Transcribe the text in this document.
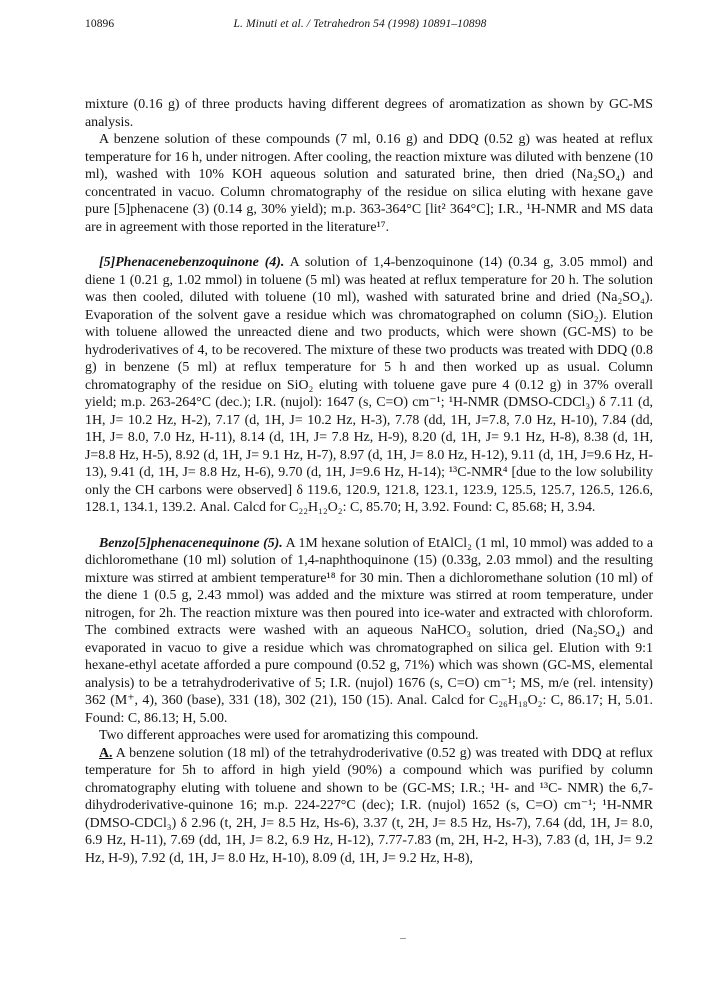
10896	L. Minuti et al. / Tetrahedron 54 (1998) 10891–10898

mixture (0.16 g) of three products having different degrees of aromatization as shown by GC-MS analysis.

A benzene solution of these compounds (7 ml, 0.16 g) and DDQ (0.52 g) was heated at reflux temperature for 16 h, under nitrogen. After cooling, the reaction mixture was diluted with benzene (10 ml), washed with 10% KOH aqueous solution and saturated brine, then dried (Na₂SO₄) and concentrated in vacuo. Column chromatography of the residue on silica eluting with hexane gave pure [5]phenacene (3) (0.14 g, 30% yield); m.p. 363-364°C [lit² 364°C]; I.R., ¹H-NMR and MS data are in agreement with those reported in the literature¹⁷.

[5]Phenacenebenzoquinone (4). A solution of 1,4-benzoquinone (14) (0.34 g, 3.05 mmol) and diene 1 (0.21 g, 1.02 mmol) in toluene (5 ml) was heated at reflux temperature for 20 h. The solution was then cooled, diluted with toluene (10 ml), washed with saturated brine and dried (Na₂SO₄). Evaporation of the solvent gave a residue which was chromatographed on column (SiO₂). Elution with toluene allowed the unreacted diene and two products, which were shown (GC-MS) to be hydroderivatives of 4, to be recovered. The mixture of these two products was treated with DDQ (0.8 g) in benzene (5 ml) at reflux temperature for 5 h and then worked up as usual. Column chromatography of the residue on SiO₂ eluting with toluene gave pure 4 (0.12 g) in 37% overall yield; m.p. 263-264°C (dec.); I.R. (nujol): 1647 (s, C=O) cm⁻¹; ¹H-NMR (DMSO-CDCl₃) δ 7.11 (d, 1H, J= 10.2 Hz, H-2), 7.17 (d, 1H, J= 10.2 Hz, H-3), 7.78 (dd, 1H, J=7.8, 7.0 Hz, H-10), 7.84 (dd, 1H, J= 8.0, 7.0 Hz, H-11), 8.14 (d, 1H, J= 7.8 Hz, H-9), 8.20 (d, 1H, J= 9.1 Hz, H-8), 8.38 (d, 1H, J=8.8 Hz, H-5), 8.92 (d, 1H, J= 9.1 Hz, H-7), 8.97 (d, 1H, J= 8.0 Hz, H-12), 9.11 (d, 1H, J=9.6 Hz, H-13), 9.41 (d, 1H, J= 8.8 Hz, H-6), 9.70 (d, 1H, J=9.6 Hz, H-14); ¹³C-NMR⁴ [due to the low solubility only the CH carbons were observed] δ 119.6, 120.9, 121.8, 123.1, 123.9, 125.5, 125.7, 126.5, 126.6, 128.1, 134.1, 139.2. Anal. Calcd for C₂₂H₁₂O₂: C, 85.70; H, 3.92. Found: C, 85.68; H, 3.94.

Benzo[5]phenacenequinone (5). A 1M hexane solution of EtAlCl₂ (1 ml, 10 mmol) was added to a dichloromethane (10 ml) solution of 1,4-naphthoquinone (15) (0.33g, 2.03 mmol) and the resulting mixture was stirred at ambient temperature¹⁸ for 30 min. Then a dichloromethane solution (10 ml) of the diene 1 (0.5 g, 2.43 mmol) was added and the mixture was stirred at room temperature, under nitrogen, for 2h. The reaction mixture was then poured into ice-water and extracted with chloroform. The combined extracts were washed with an aqueous NaHCO₃ solution, dried (Na₂SO₄) and evaporated in vacuo to give a residue which was chromatographed on silica gel. Elution with 9:1 hexane-ethyl acetate afforded a pure compound (0.52 g, 71%) which was shown (GC-MS, elemental analysis) to be a tetrahydroderivative of 5; I.R. (nujol) 1676 (s, C=O) cm⁻¹; MS, m/e (rel. intensity) 362 (M⁺, 4), 360 (base), 331 (18), 302 (21), 150 (15). Anal. Calcd for C₂₆H₁₈O₂: C, 86.17; H, 5.01. Found: C, 86.13; H, 5.00.

Two different approaches were used for aromatizing this compound.

A. A benzene solution (18 ml) of the tetrahydroderivative (0.52 g) was treated with DDQ at reflux temperature for 5h to afford in high yield (90%) a compound which was purified by column chromatography eluting with toluene and shown to be (GC-MS; I.R.; ¹H- and ¹³C- NMR) the 6,7-dihydroderivative-quinone 16; m.p. 224-227°C (dec); I.R. (nujol) 1652 (s, C=O) cm⁻¹; ¹H-NMR (DMSO-CDCl₃) δ 2.96 (t, 2H, J= 8.5 Hz, Hs-6), 3.37 (t, 2H, J= 8.5 Hz, Hs-7), 7.64 (dd, 1H, J= 8.0, 6.9 Hz, H-11), 7.69 (dd, 1H, J= 8.2, 6.9 Hz, H-12), 7.77-7.83 (m, 2H, H-2, H-3), 7.83 (d, 1H, J= 9.2 Hz, H-9), 7.92 (d, 1H, J= 8.0 Hz, H-10), 8.09 (d, 1H, J= 9.2 Hz, H-8),
